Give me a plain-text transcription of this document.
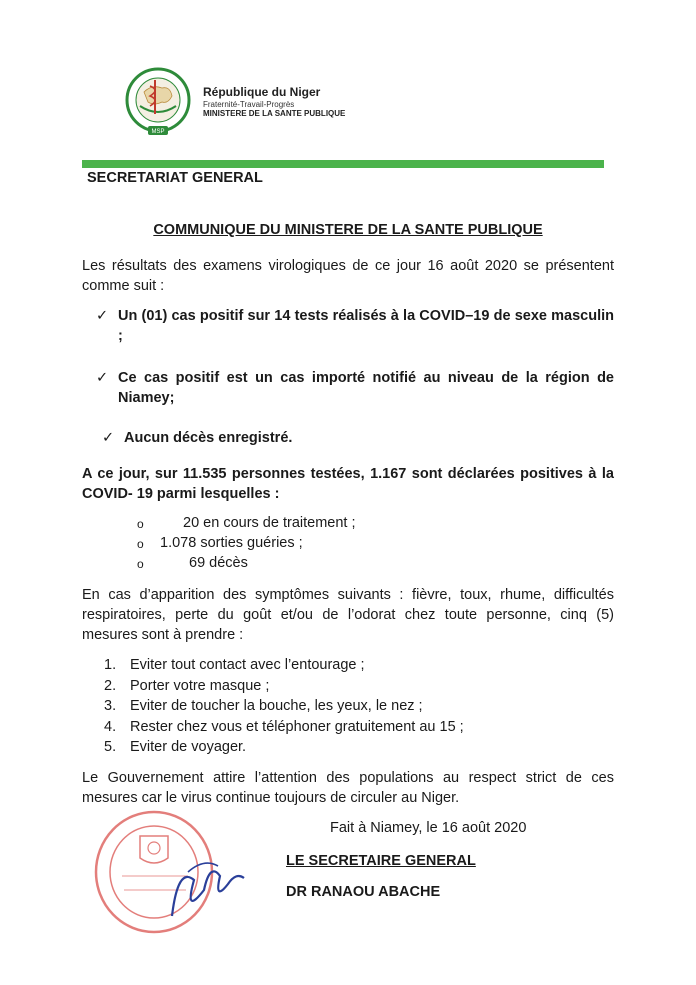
MSP
République du Niger
Fraternité-Travail-Progrès
MINISTERE DE LA SANTE PUBLIQUE
SECRETARIAT GENERAL
COMMUNIQUE DU MINISTERE DE LA SANTE PUBLIQUE
Les résultats des examens virologiques de ce jour 16 août 2020 se présentent comme suit :
✓ Un (01) cas positif sur 14 tests réalisés à la COVID–19 de sexe masculin ;
✓ Ce cas positif est un cas importé notifié au niveau de la région de Niamey;
✓ Aucun décès enregistré.
A ce jour, sur 11.535 personnes testées, 1.167 sont déclarées positives à la COVID- 19 parmi lesquelles :
o	20 en cours de traitement ;
o 1.078 sorties guéries ;
o	69 décès
En cas d’apparition des symptômes suivants : fièvre, toux, rhume, difficultés respiratoires, perte du goût et/ou de l’odorat chez toute personne, cinq (5) mesures sont à prendre :
1. Eviter tout contact avec l’entourage ;
2. Porter votre masque ;
3. Eviter de toucher la bouche, les yeux, le nez ;
4. Rester chez vous et téléphoner gratuitement au 15 ;
5. Eviter de voyager.
Le Gouvernement attire l’attention des populations au respect strict de ces mesures car le virus continue toujours de circuler au Niger.
Fait à Niamey, le 16 août 2020
LE SECRETAIRE GENERAL
DR RANAOU ABACHE
